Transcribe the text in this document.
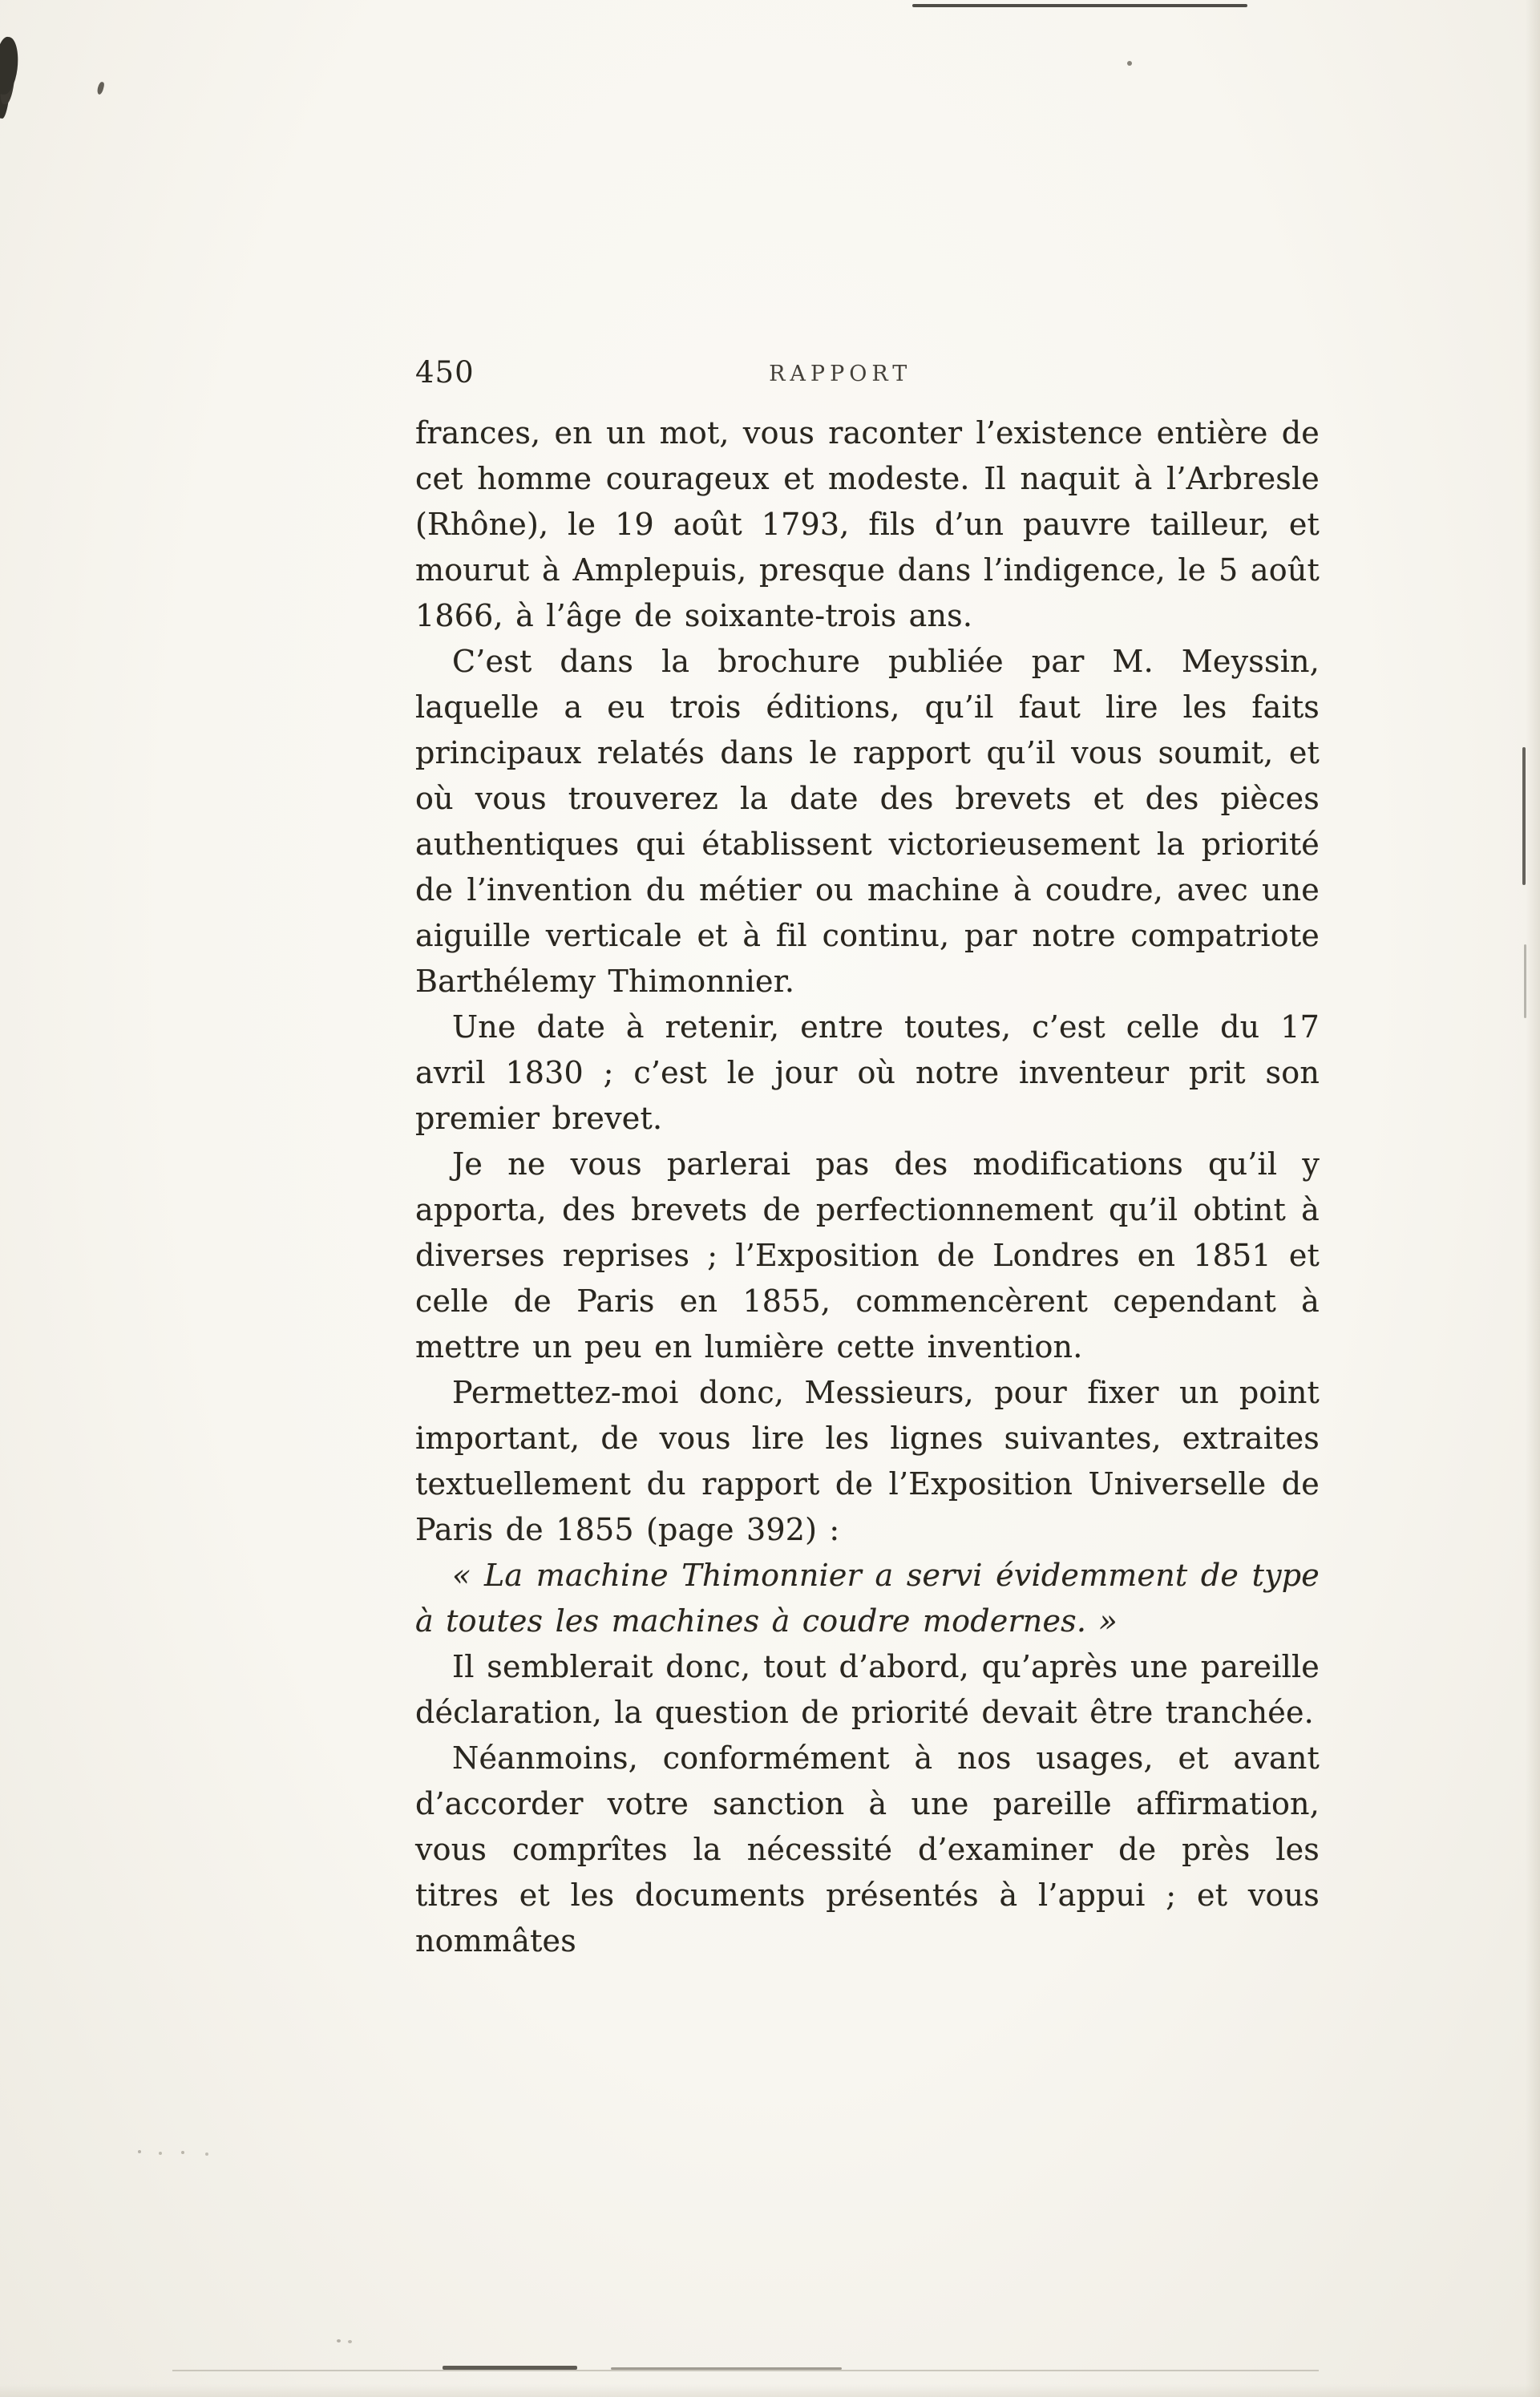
450	RAPPORT

frances, en un mot, vous raconter l’existence entière de cet homme courageux et modeste. Il naquit à l’Arbresle (Rhône), le 19 août 1793, fils d’un pauvre tailleur, et mourut à Amplepuis, presque dans l’indigence, le 5 août 1866, à l’âge de soixante-trois ans.

C’est dans la brochure publiée par M. Meyssin, laquelle a eu trois éditions, qu’il faut lire les faits principaux relatés dans le rapport qu’il vous soumit, et où vous trouverez la date des brevets et des pièces authentiques qui établissent victorieusement la priorité de l’invention du métier ou machine à coudre, avec une aiguille verticale et à fil continu, par notre compatriote Barthélemy Thimonnier.

Une date à retenir, entre toutes, c’est celle du 17 avril 1830 ; c’est le jour où notre inventeur prit son premier brevet.

Je ne vous parlerai pas des modifications qu’il y apporta, des brevets de perfectionnement qu’il obtint à diverses reprises ; l’Exposition de Londres en 1851 et celle de Paris en 1855, commencèrent cependant à mettre un peu en lumière cette invention.

Permettez-moi donc, Messieurs, pour fixer un point important, de vous lire les lignes suivantes, extraites textuellement du rapport de l’Exposition Universelle de Paris de 1855 (page 392) :

« La machine Thimonnier a servi évidemment de type à toutes les machines à coudre modernes. »

Il semblerait donc, tout d’abord, qu’après une pareille déclaration, la question de priorité devait être tranchée.

Néanmoins, conformément à nos usages, et avant d’accorder votre sanction à une pareille affirmation, vous comprîtes la nécessité d’examiner de près les titres et les documents présentés à l’appui ; et vous nommâtes
